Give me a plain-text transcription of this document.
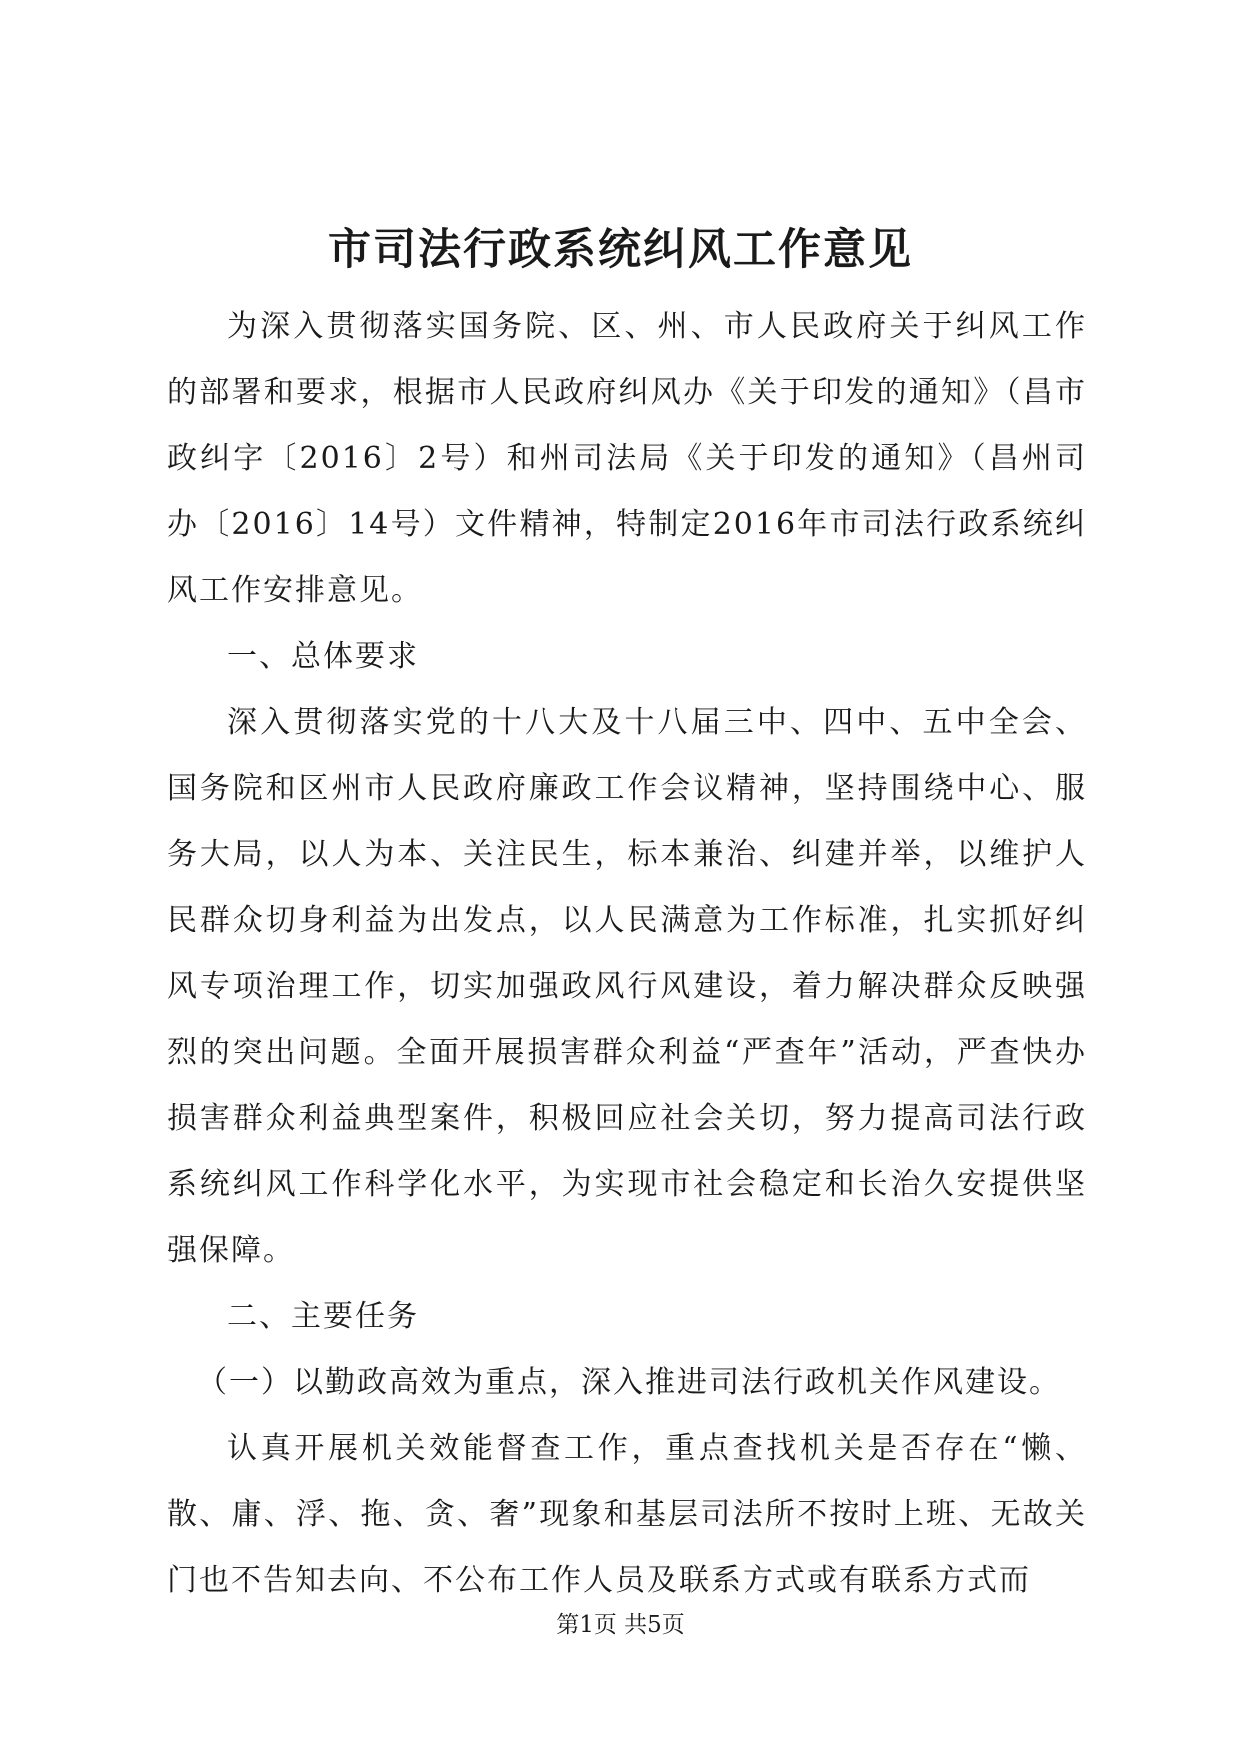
市司法行政系统纠风工作意见

为深入贯彻落实国务院、区、州、市人民政府关于纠风工作的部署和要求，根据市人民政府纠风办《关于印发的通知》（昌市政纠字〔2016〕2号）和州司法局《关于印发的通知》（昌州司办〔2016〕14号）文件精神，特制定2016年市司法行政系统纠风工作安排意见。

一、总体要求

深入贯彻落实党的十八大及十八届三中、四中、五中全会、国务院和区州市人民政府廉政工作会议精神，坚持围绕中心、服务大局，以人为本、关注民生，标本兼治、纠建并举，以维护人民群众切身利益为出发点，以人民满意为工作标准，扎实抓好纠风专项治理工作，切实加强政风行风建设，着力解决群众反映强烈的突出问题。全面开展损害群众利益“严查年”活动，严查快办损害群众利益典型案件，积极回应社会关切，努力提高司法行政系统纠风工作科学化水平，为实现市社会稳定和长治久安提供坚强保障。

二、主要任务

（一）以勤政高效为重点，深入推进司法行政机关作风建设。

认真开展机关效能督查工作，重点查找机关是否存在“懒、散、庸、浮、拖、贪、奢”现象和基层司法所不按时上班、无故关门也不告知去向、不公布工作人员及联系方式或有联系方式而

第1页 共5页
